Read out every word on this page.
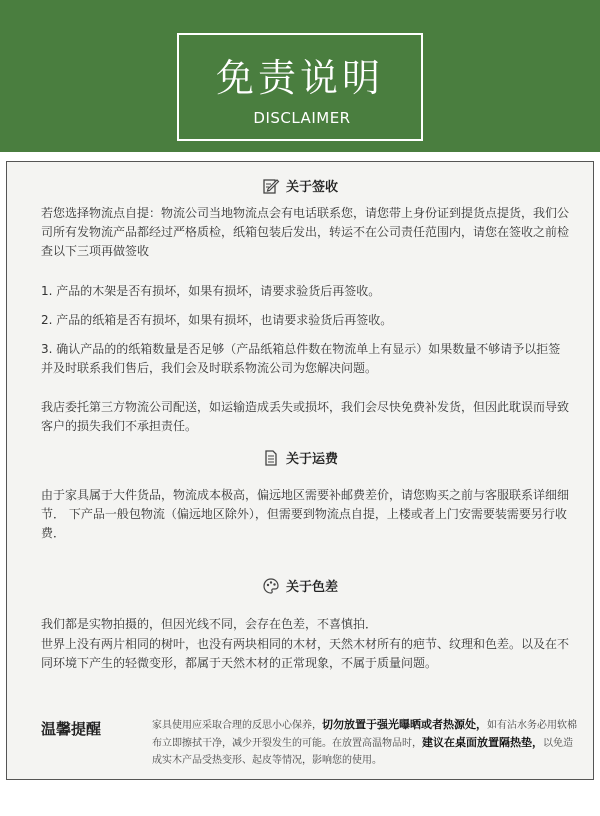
免责说明
DISCLAIMER
关于签收
若您选择物流点自提：物流公司当地物流点会有电话联系您，请您带上身份证到提货点提货，我们公司所有发物流产品都经过严格质检，纸箱包装后发出，转运不在公司责任范围内，请您在签收之前检查以下三项再做签收
1. 产品的木架是否有损坏，如果有损坏，请要求验货后再签收。
2. 产品的纸箱是否有损坏，如果有损坏，也请要求验货后再签收。
3. 确认产品的的纸箱数量是否足够（产品纸箱总件数在物流单上有显示）如果数量不够请予以拒签并及时联系我们售后，我们会及时联系物流公司为您解决问题。
我店委托第三方物流公司配送，如运输造成丢失或损坏，我们会尽快免费补发货，但因此耽误而导致客户的损失我们不承担责任。
关于运费
由于家具属于大件货品，物流成本极高，偏远地区需要补邮费差价，请您购买之前与客服联系详细细节． 下产品一般包物流（偏远地区除外），但需要到物流点自提，上楼或者上门安需要装需要另行收费．
关于色差
我们都是实物拍摄的，但因光线不同，会存在色差，不喜慎拍．
世界上没有两片相同的树叶，也没有两块相同的木材，天然木材所有的疤节、纹理和色差。以及在不同环境下产生的轻微变形，都属于天然木材的正常现象，不属于质量问题。
温馨提醒	家具使用应采取合理的反思小心保养，切勿放置于强光曝晒或者热源处，如有沾水务必用软棉布立即擦拭干净，减少开裂发生的可能。在放置高温物品时，建议在桌面放置隔热垫，以免造成实木产品受热变形、起皮等情况，影响您的使用。
